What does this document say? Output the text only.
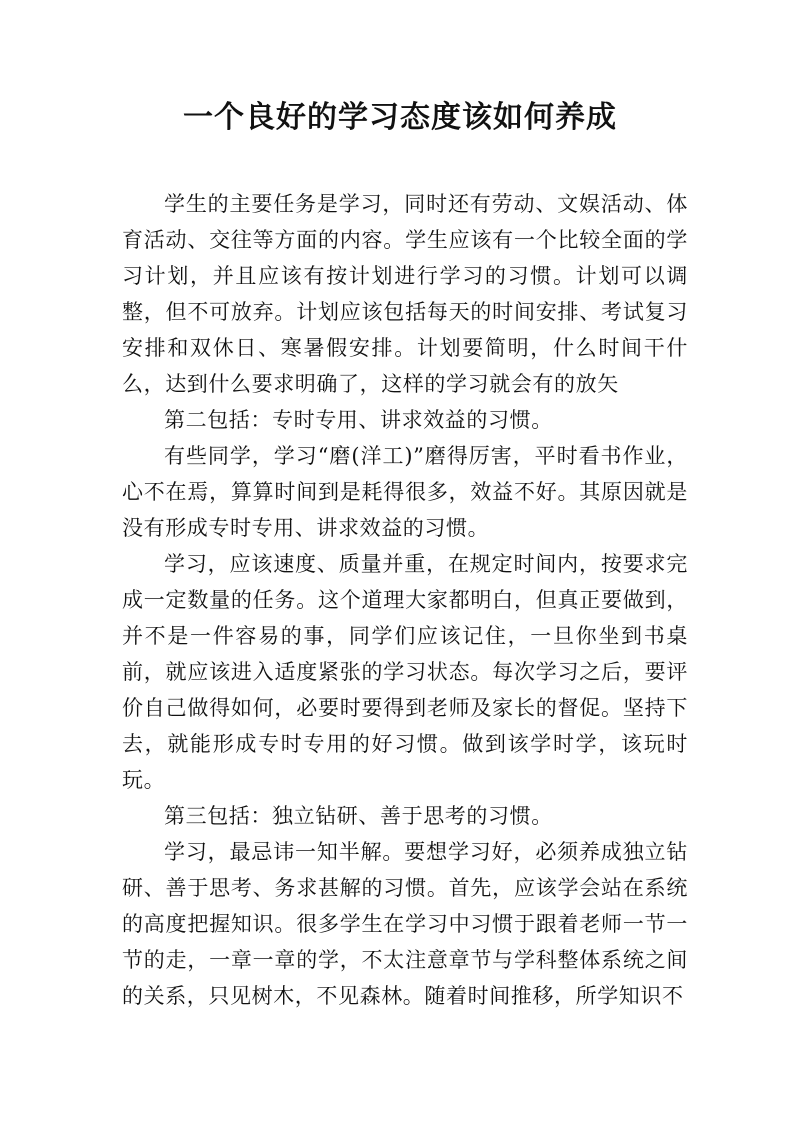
一个良好的学习态度该如何养成

学生的主要任务是学习，同时还有劳动、文娱活动、体育活动、交往等方面的内容。学生应该有一个比较全面的学习计划，并且应该有按计划进行学习的习惯。计划可以调整，但不可放弃。计划应该包括每天的时间安排、考试复习安排和双休日、寒暑假安排。计划要简明，什么时间干什么，达到什么要求明确了，这样的学习就会有的放矢

第二包括：专时专用、讲求效益的习惯。

有些同学，学习“磨(洋工)”磨得厉害，平时看书作业，心不在焉，算算时间到是耗得很多，效益不好。其原因就是没有形成专时专用、讲求效益的习惯。

学习，应该速度、质量并重，在规定时间内，按要求完成一定数量的任务。这个道理大家都明白，但真正要做到，并不是一件容易的事，同学们应该记住，一旦你坐到书桌前，就应该进入适度紧张的学习状态。每次学习之后，要评价自己做得如何，必要时要得到老师及家长的督促。坚持下去，就能形成专时专用的好习惯。做到该学时学，该玩时玩。

第三包括：独立钻研、善于思考的习惯。

学习，最忌讳一知半解。要想学习好，必须养成独立钻研、善于思考、务求甚解的习惯。首先，应该学会站在系统的高度把握知识。很多学生在学习中习惯于跟着老师一节一节的走，一章一章的学，不太注意章节与学科整体系统之间的关系，只见树木，不见森林。随着时间推移，所学知识不
